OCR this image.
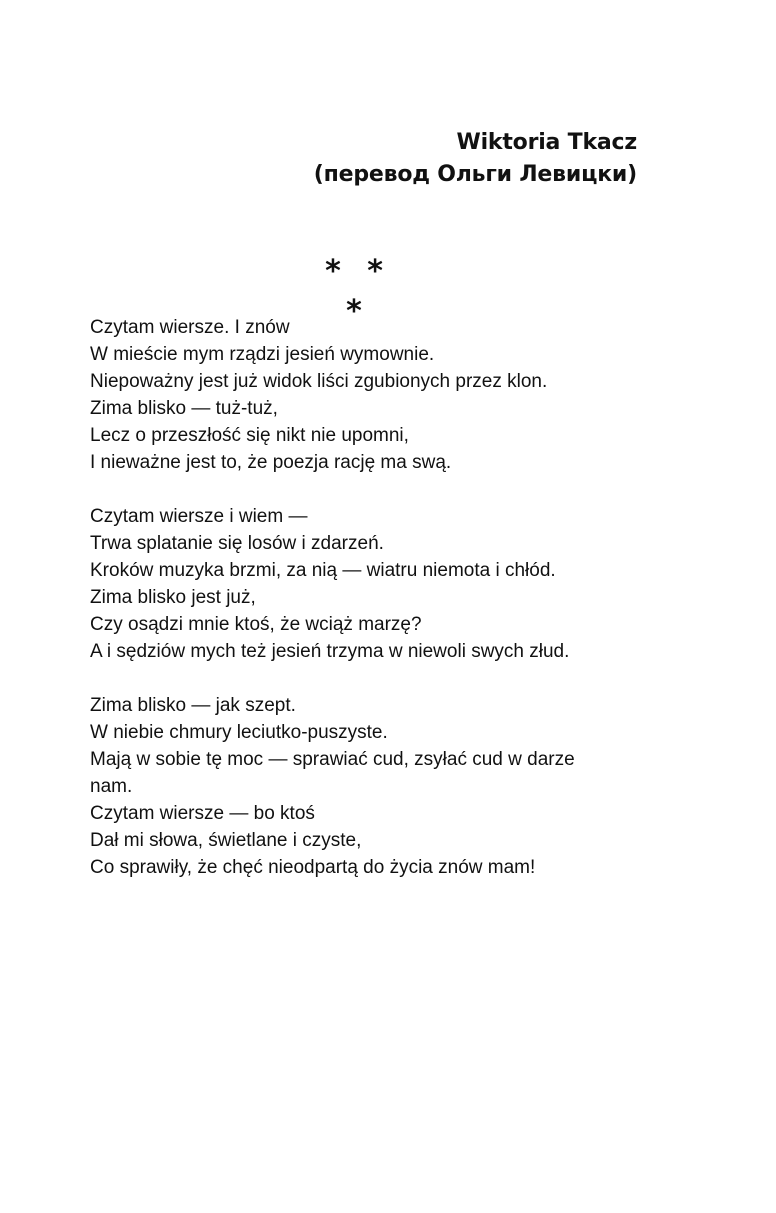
Wiktoria Tkacz
(перевод Ольги Левицки)
* * *
Czytam wiersze. I znów
W mieście mym rządzi jesień wymownie.
Niepoważny jest już widok liści zgubionych przez klon.
Zima blisko — tuż-tuż,
Lecz o przeszłość się nikt nie upomni,
I nieważne jest to, że poezja rację ma swą.
Czytam wiersze i wiem —
Trwa splatanie się losów i zdarzeń.
Kroków muzyka brzmi, za nią — wiatru niemota i chłód.
Zima blisko jest już,
Czy osądzi mnie ktoś, że wciąż marzę?
A i sędziów mych też jesień trzyma w niewoli swych złud.
Zima blisko — jak szept.
W niebie chmury leciutko-puszyste.
Mają w sobie tę moc — sprawiać cud, zsyłać cud w darze
nam.
Czytam wiersze — bo ktoś
Dał mi słowa, świetlane i czyste,
Co sprawiły, że chęć nieodpartą do życia znów mam!
